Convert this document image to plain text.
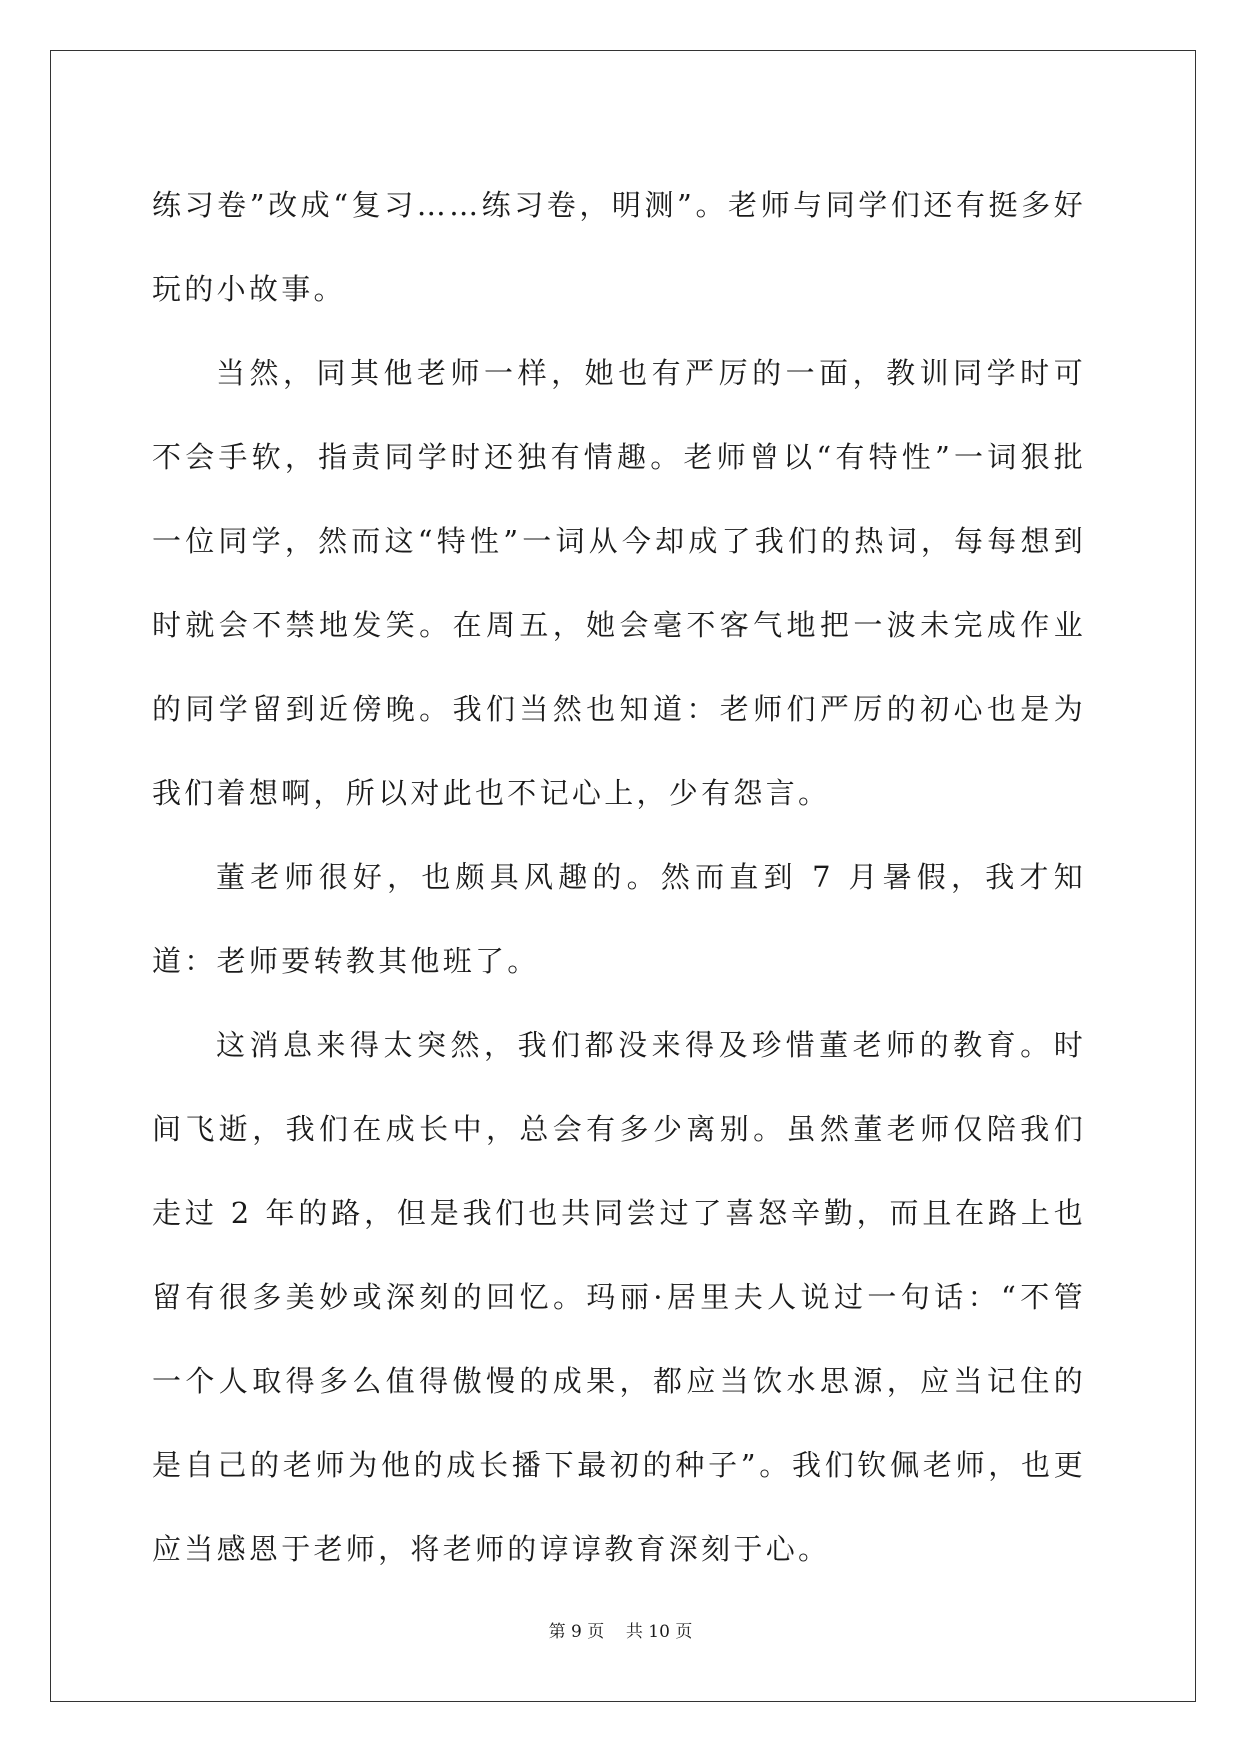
练习卷”改成“复习……练习卷，明测”。老师与同学们还有挺多好玩的小故事。

当然，同其他老师一样，她也有严厉的一面，教训同学时可不会手软，指责同学时还独有情趣。老师曾以“有特性”一词狠批一位同学，然而这“特性”一词从今却成了我们的热词，每每想到时就会不禁地发笑。在周五，她会毫不客气地把一波未完成作业的同学留到近傍晚。我们当然也知道：老师们严厉的初心也是为我们着想啊，所以对此也不记心上，少有怨言。

董老师很好，也颇具风趣的。然而直到 7 月暑假，我才知道：老师要转教其他班了。

这消息来得太突然，我们都没来得及珍惜董老师的教育。时间飞逝，我们在成长中，总会有多少离别。虽然董老师仅陪我们走过 2 年的路，但是我们也共同尝过了喜怒辛勤，而且在路上也留有很多美妙或深刻的回忆。玛丽·居里夫人说过一句话：“不管一个人取得多么值得傲慢的成果，都应当饮水思源，应当记住的是自己的老师为他的成长播下最初的种子”。我们钦佩老师，也更应当感恩于老师，将老师的谆谆教育深刻于心。

第 9 页    共 10 页
